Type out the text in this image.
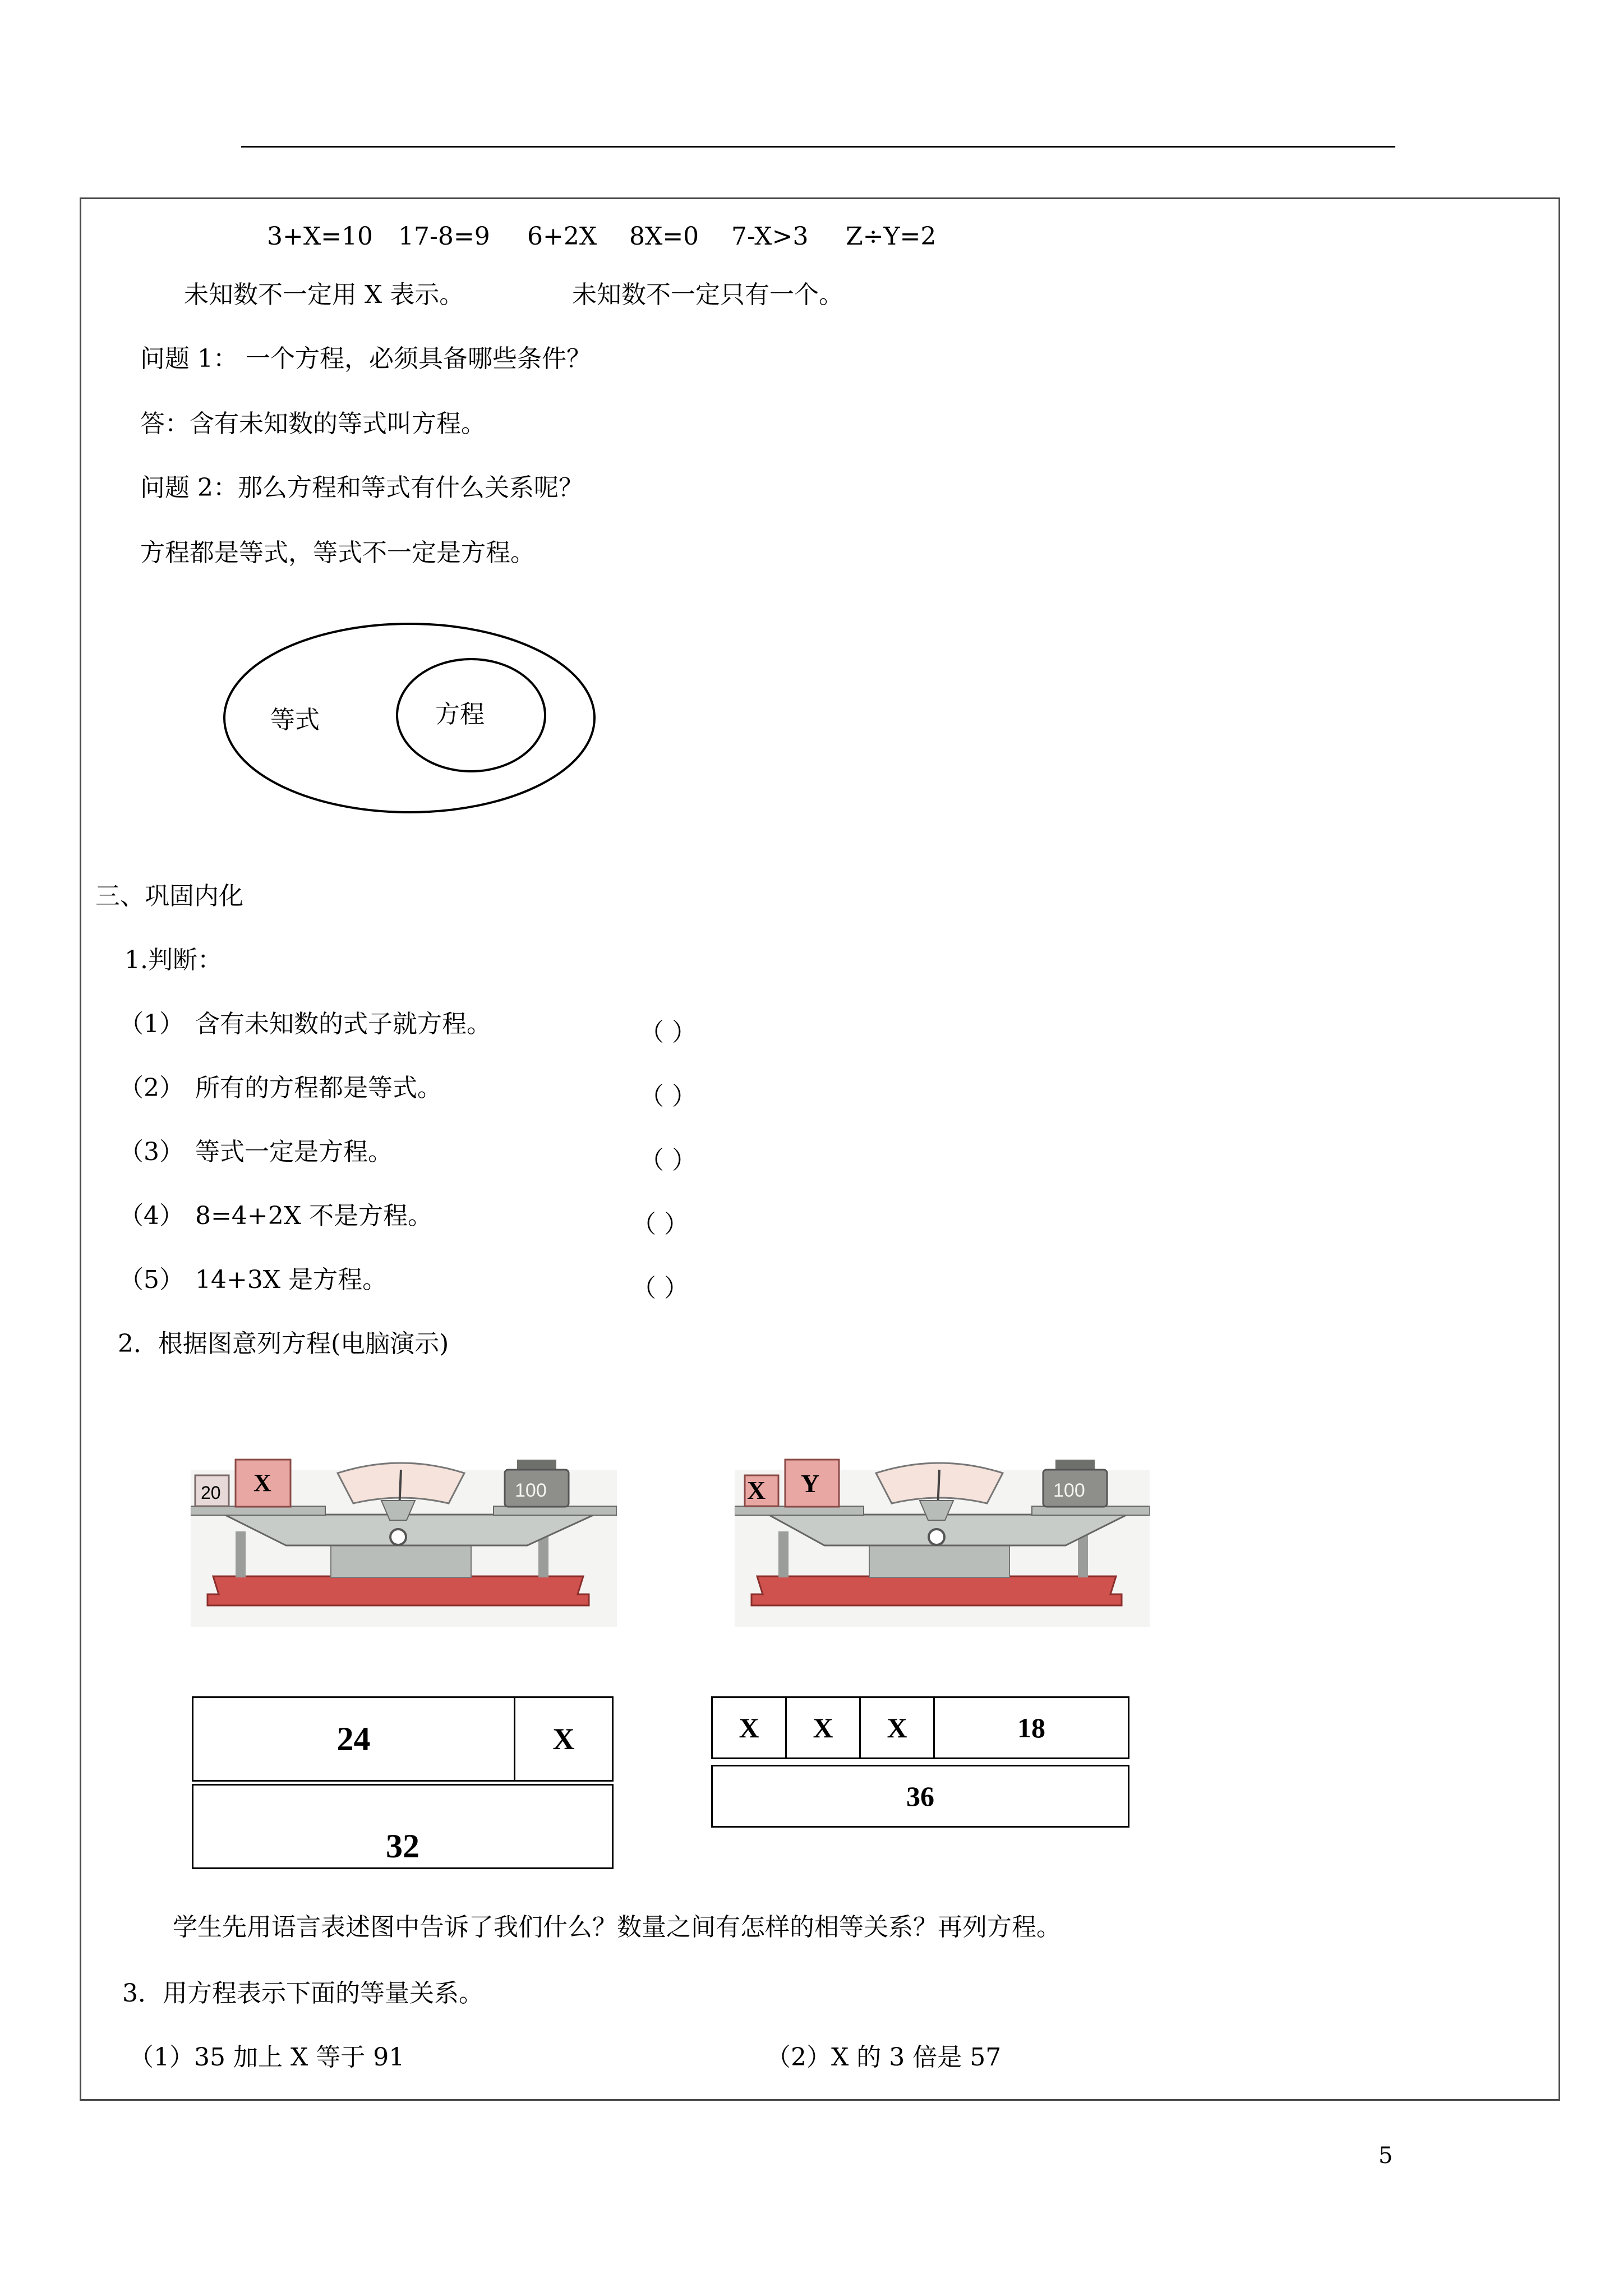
3+X=10 17-8=9 6+2X 8X=0 7-X>3 Z÷Y=2
未知数不一定用 X 表示。	未知数不一定只有一个。
问题 1： 一个方程，必须具备哪些条件？
答：含有未知数的等式叫方程。
问题 2：那么方程和等式有什么关系呢？
方程都是等式，等式不一定是方程。
等式	方程
三、巩固内化
1.判断：
（1） 含有未知数的式子就方程。	（ ）
（2） 所有的方程都是等式。	（ ）
（3） 等式一定是方程。	（ ）
（4） 8=4+2X 不是方程。	（ ）
（5） 14+3X 是方程。	（ ）
2．根据图意列方程(电脑演示)
20 X	100	X Y	100
24	X
32
X	X	X	18
36
学生先用语言表述图中告诉了我们什么？数量之间有怎样的相等关系？再列方程。
3．用方程表示下面的等量关系。
（1）35 加上 X 等于 91	（2）X 的 3 倍是 57
5
